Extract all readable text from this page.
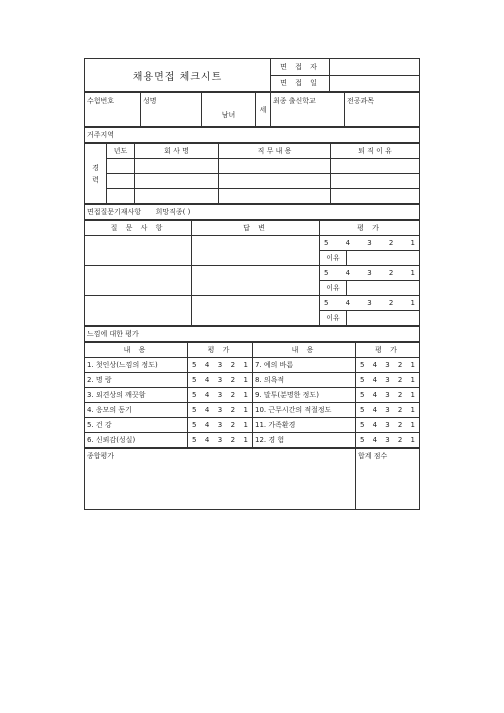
채용면접 체크시트	면 접 자	
	면 접 일	
수험번호	성명	남녀	세	최종 출신학교	전공과목
거주지역
경
력	년도	회 사 명	직 무 내 용	퇴 직 이 유

면접질문기재사항 희망직종( )
질 문 사 항	답 변	평 가	

		5 4 3 2 1	

		이유	

		5 4 3 2 1	

		이유	

		5 4 3 2 1	

		이유	
느낌에 대한 평가
내 용	평 가	내 용	평 가
1. 첫인상(느낌의 정도)	5 4 3 2 1	7. 예의 바름	5 4 3 2 1

2. 명 랑	5 4 3 2 1	8. 의욕적	5 4 3 2 1

3. 외견상의 깨끗함	5 4 3 2 1	9. 말투(분명한 정도)	5 4 3 2 1

4. 응모의 동기	5 4 3 2 1	10. 근무시간의 적절정도	5 4 3 2 1

5. 건 강	5 4 3 2 1	11. 가족환경	5 4 3 2 1

6. 신뢰감(성실)	5 4 3 2 1	12. 경 험	5 4 3 2 1
종합평가	합계 점수
